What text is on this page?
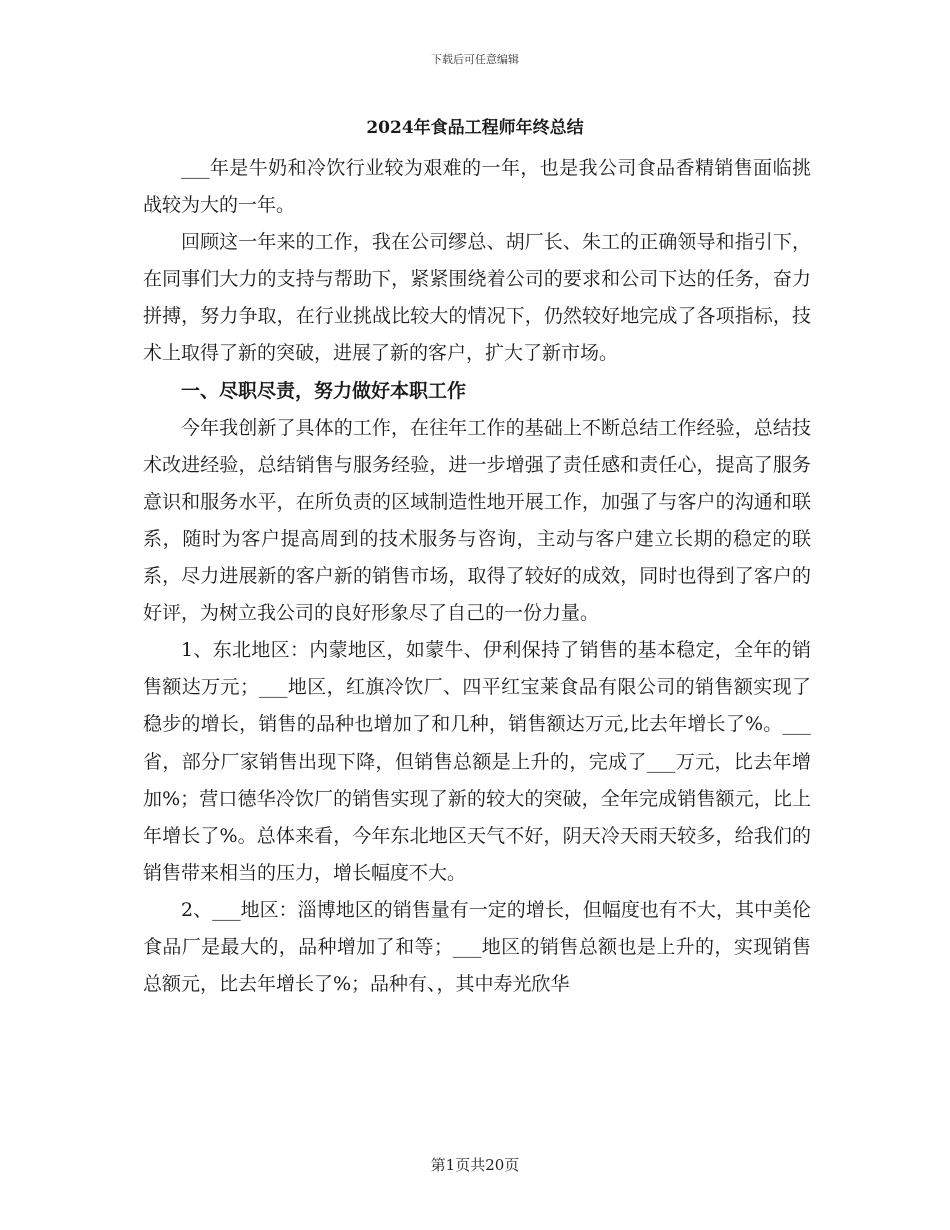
下载后可任意编辑
2024年食品工程师年终总结

___年是牛奶和冷饮行业较为艰难的一年，也是我公司食品香精销售面临挑战较为大的一年。

回顾这一年来的工作，我在公司缪总、胡厂长、朱工的正确领导和指引下，在同事们大力的支持与帮助下，紧紧围绕着公司的要求和公司下达的任务，奋力拼搏，努力争取，在行业挑战比较大的情况下，仍然较好地完成了各项指标，技术上取得了新的突破，进展了新的客户，扩大了新市场。

一、尽职尽责，努力做好本职工作

今年我创新了具体的工作，在往年工作的基础上不断总结工作经验，总结技术改进经验，总结销售与服务经验，进一步增强了责任感和责任心，提高了服务意识和服务水平，在所负责的区域制造性地开展工作，加强了与客户的沟通和联系，随时为客户提高周到的技术服务与咨询，主动与客户建立长期的稳定的联系，尽力进展新的客户新的销售市场，取得了较好的成效，同时也得到了客户的好评，为树立我公司的良好形象尽了自己的一份力量。

1、东北地区：内蒙地区，如蒙牛、伊利保持了销售的基本稳定，全年的销售额达万元；___地区，红旗冷饮厂、四平红宝莱食品有限公司的销售额实现了稳步的增长，销售的品种也增加了和几种，销售额达万元,比去年增长了%。___省，部分厂家销售出现下降，但销售总额是上升的，完成了___万元，比去年增加%；营口德华冷饮厂的销售实现了新的较大的突破，全年完成销售额元，比上年增长了%。总体来看，今年东北地区天气不好，阴天冷天雨天较多，给我们的销售带来相当的压力，增长幅度不大。

2、___地区：淄博地区的销售量有一定的增长，但幅度也有不大，其中美伦食品厂是最大的，品种增加了和等；___地区的销售总额也是上升的，实现销售总额元，比去年增长了%；品种有、，其中寿光欣华

第1页共20页
